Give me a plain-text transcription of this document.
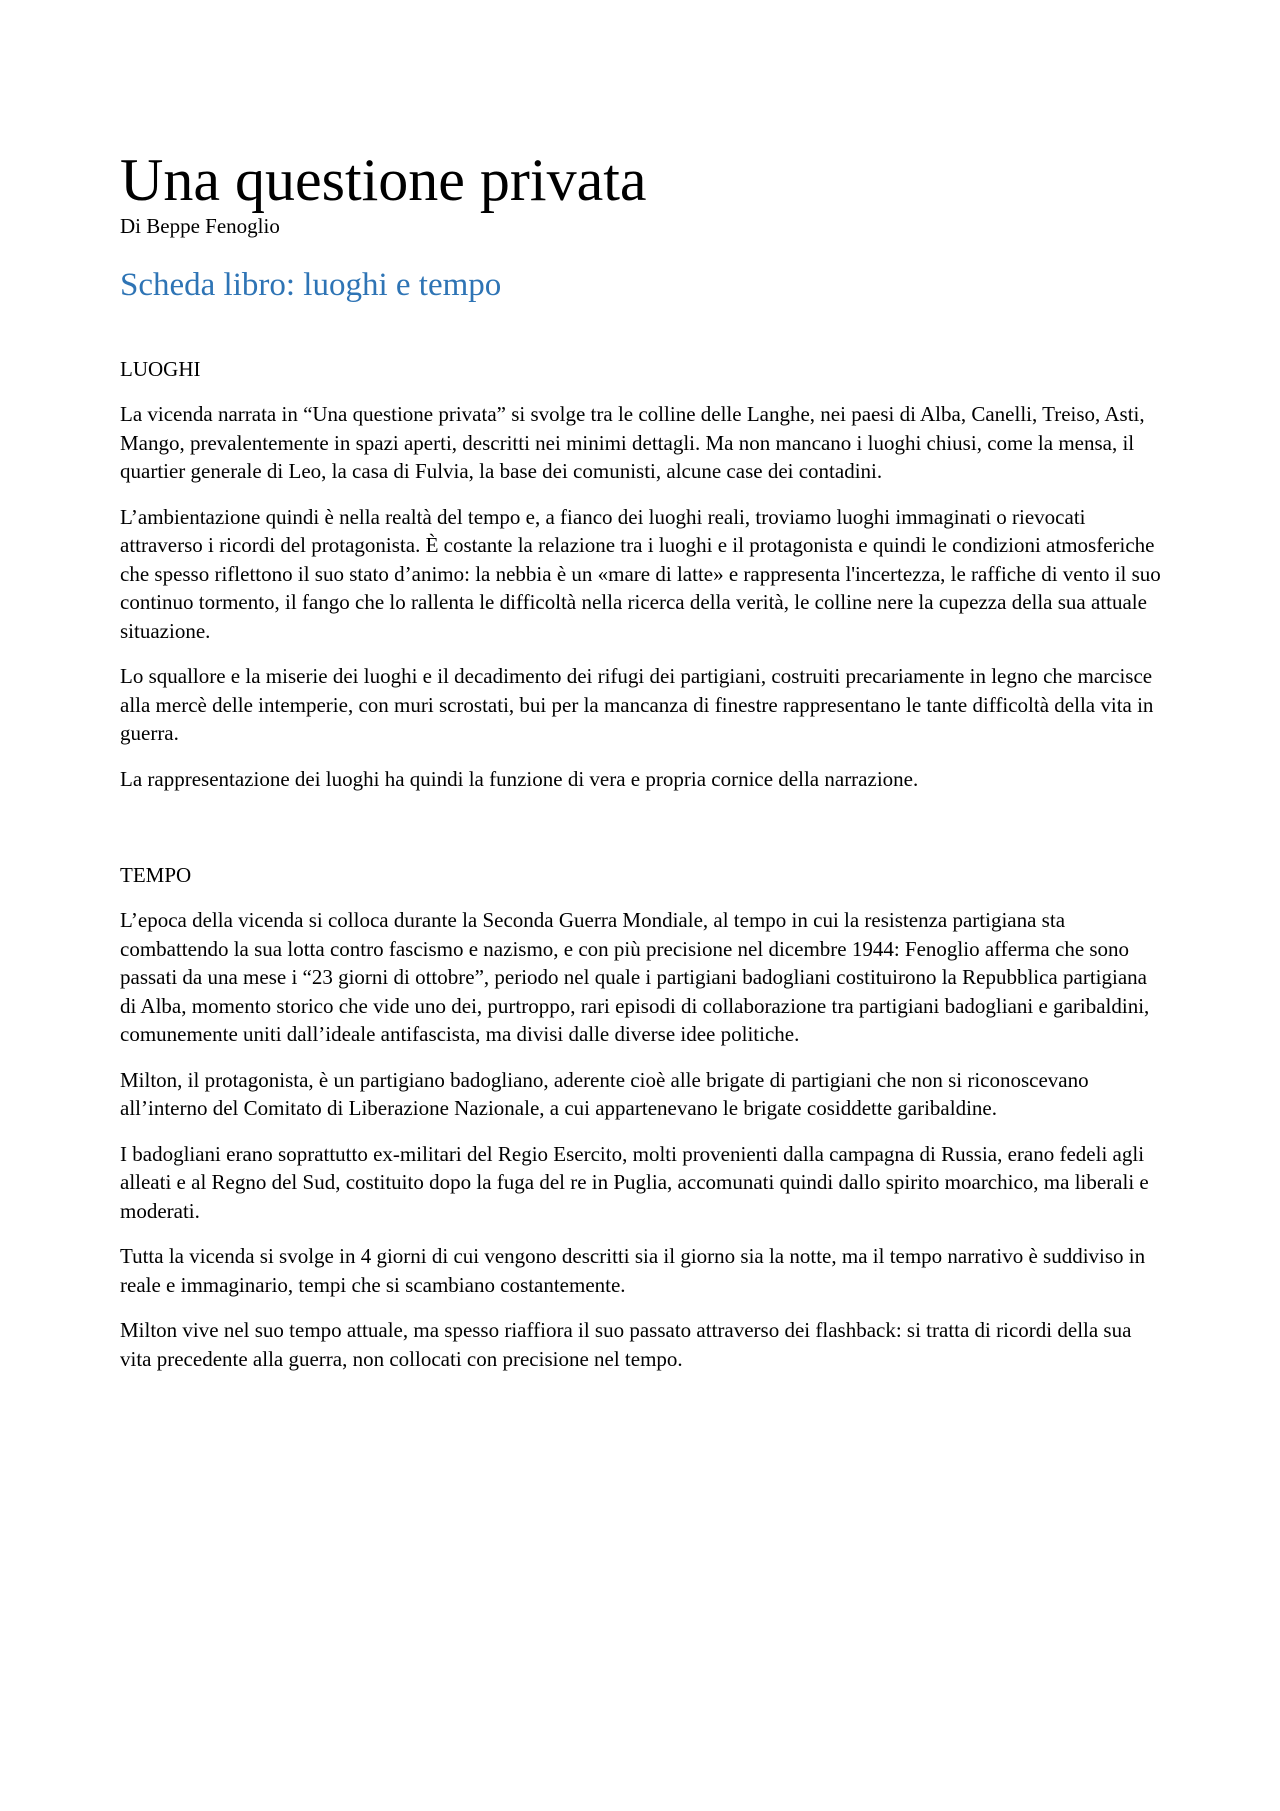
Una questione privata

Di Beppe Fenoglio

Scheda libro: luoghi e tempo

LUOGHI

La vicenda narrata in “Una questione privata” si svolge tra le colline delle Langhe, nei paesi di Alba, Canelli, Treiso, Asti, Mango, prevalentemente in spazi aperti, descritti nei minimi dettagli. Ma non mancano i luoghi chiusi, come la mensa, il quartier generale di Leo, la casa di Fulvia, la base dei comunisti, alcune case dei contadini.

L’ambientazione quindi è nella realtà del tempo e, a fianco dei luoghi reali, troviamo luoghi immaginati o rievocati attraverso i ricordi del protagonista. È costante la relazione tra i luoghi e il protagonista e quindi le condizioni atmosferiche che spesso riflettono il suo stato d’animo: la nebbia è un «mare di latte» e rappresenta l'incertezza, le raffiche di vento il suo continuo tormento, il fango che lo rallenta le difficoltà nella ricerca della verità, le colline nere la cupezza della sua attuale situazione.

Lo squallore e la miserie dei luoghi e il decadimento dei rifugi dei partigiani, costruiti precariamente in legno che marcisce alla mercè delle intemperie, con muri scrostati, bui per la mancanza di finestre rappresentano le tante difficoltà della vita in guerra.

La rappresentazione dei luoghi ha quindi la funzione di vera e propria cornice della narrazione.

TEMPO

L’epoca della vicenda si colloca durante la Seconda Guerra Mondiale, al tempo in cui la resistenza partigiana sta combattendo la sua lotta contro fascismo e nazismo, e con più precisione nel dicembre 1944: Fenoglio afferma che sono passati da una mese i “23 giorni di ottobre”, periodo nel quale i partigiani badogliani costituirono la Repubblica partigiana di Alba, momento storico che vide uno dei, purtroppo, rari episodi di collaborazione tra partigiani badogliani e garibaldini, comunemente uniti dall’ideale antifascista, ma divisi dalle diverse idee politiche.

Milton, il protagonista, è un partigiano badogliano, aderente cioè alle brigate di partigiani che non si riconoscevano all’interno del Comitato di Liberazione Nazionale, a cui appartenevano le brigate cosiddette garibaldine.

I badogliani erano soprattutto ex-militari del Regio Esercito, molti provenienti dalla campagna di Russia, erano fedeli agli alleati e al Regno del Sud, costituito dopo la fuga del re in Puglia, accomunati quindi dallo spirito moarchico, ma liberali e moderati.

Tutta la vicenda si svolge in 4 giorni di cui vengono descritti sia il giorno sia la notte, ma il tempo narrativo è suddiviso in reale e immaginario, tempi che si scambiano costantemente.

Milton vive nel suo tempo attuale, ma spesso riaffiora il suo passato attraverso dei flashback: si tratta di ricordi della sua vita precedente alla guerra, non collocati con precisione nel tempo.
